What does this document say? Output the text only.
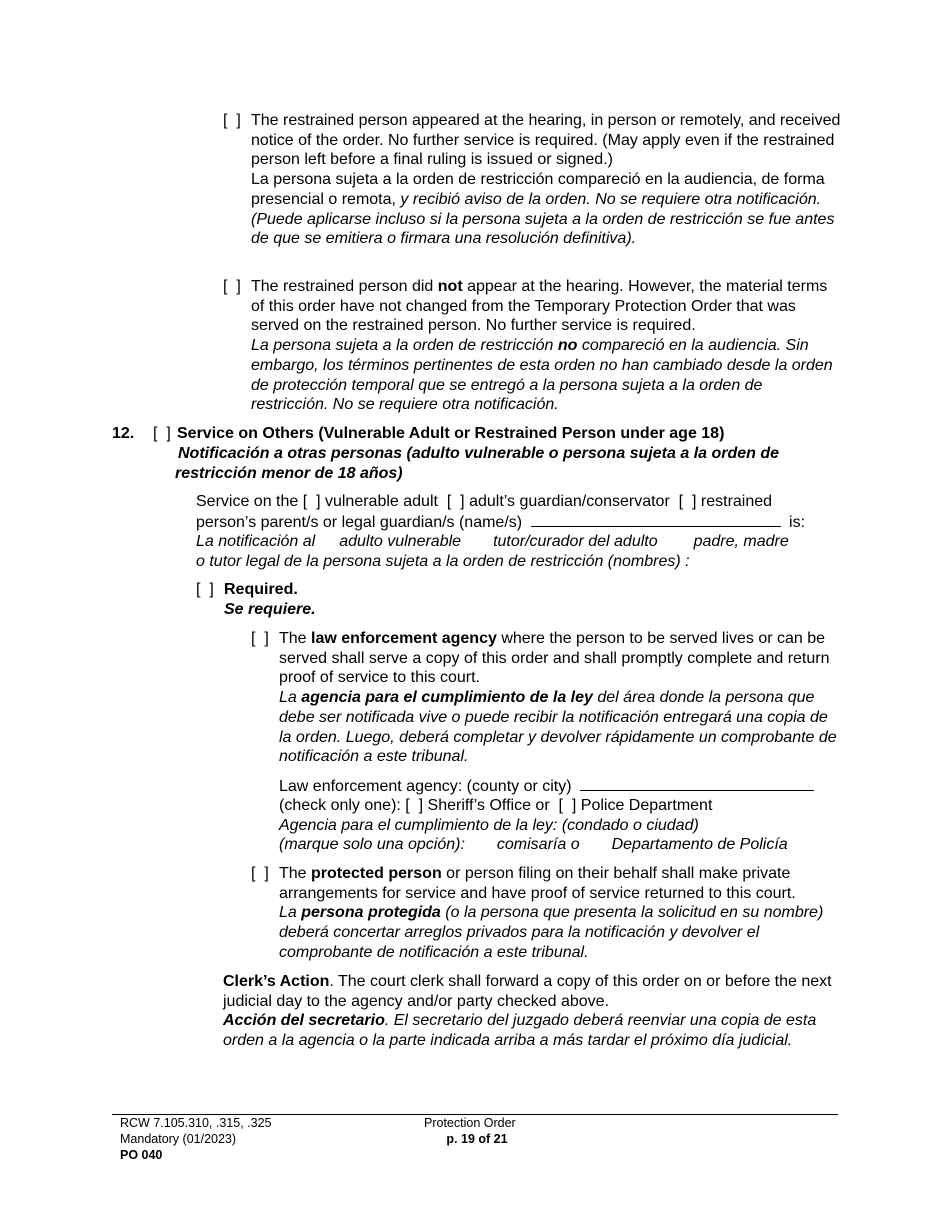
[  ] The restrained person appeared at the hearing, in person or remotely, and received notice of the order. No further service is required. (May apply even if the restrained person left before a final ruling is issued or signed.)
La persona sujeta a la orden de restricción compareció en la audiencia, de forma presencial o remota, y recibió aviso de la orden. No se requiere otra notificación. (Puede aplicarse incluso si la persona sujeta a la orden de restricción se fue antes de que se emitiera o firmara una resolución definitiva).
[  ] The restrained person did not appear at the hearing. However, the material terms of this order have not changed from the Temporary Protection Order that was served on the restrained person. No further service is required.
La persona sujeta a la orden de restricción no compareció en la audiencia. Sin embargo, los términos pertinentes de esta orden no han cambiado desde la orden de protección temporal que se entregó a la persona sujeta a la orden de restricción. No se requiere otra notificación.
12. [  ] Service on Others (Vulnerable Adult or Restrained Person under age 18)
Notificación a otras personas (adulto vulnerable o persona sujeta a la orden de restricción menor de 18 años)
Service on the [  ] vulnerable adult [  ] adult’s guardian/conservator [  ] restrained
person’s parent/s or legal guardian/s (name/s)	is:
La notificación al adulto vulnerable tutor/curador del adulto padre, madre
o tutor legal de la persona sujeta a la orden de restricción (nombres) :
[  ] Required.
Se requiere.
[  ] The law enforcement agency where the person to be served lives or can be served shall serve a copy of this order and shall promptly complete and return proof of service to this court.
La agencia para el cumplimiento de la ley del área donde la persona que debe ser notificada vive o puede recibir la notificación entregará una copia de la orden. Luego, deberá completar y devolver rápidamente un comprobante de notificación a este tribunal.
Law enforcement agency: (county or city)
(check only one): [  ] Sheriff’s Office or [  ] Police Department
Agencia para el cumplimiento de la ley: (condado o ciudad)
(marque solo una opción): comisaría o Departamento de Policía
[  ] The protected person or person filing on their behalf shall make private arrangements for service and have proof of service returned to this court.
La persona protegida (o la persona que presenta la solicitud en su nombre) deberá concertar arreglos privados para la notificación y devolver el comprobante de notificación a este tribunal.
Clerk’s Action. The court clerk shall forward a copy of this order on or before the next judicial day to the agency and/or party checked above.
Acción del secretario. El secretario del juzgado deberá reenviar una copia de esta orden a la agencia o la parte indicada arriba a más tardar el próximo día judicial.
RCW 7.105.310, .315, .325
Mandatory (01/2023)
PO 040
Protection Order
p. 19 of 21
